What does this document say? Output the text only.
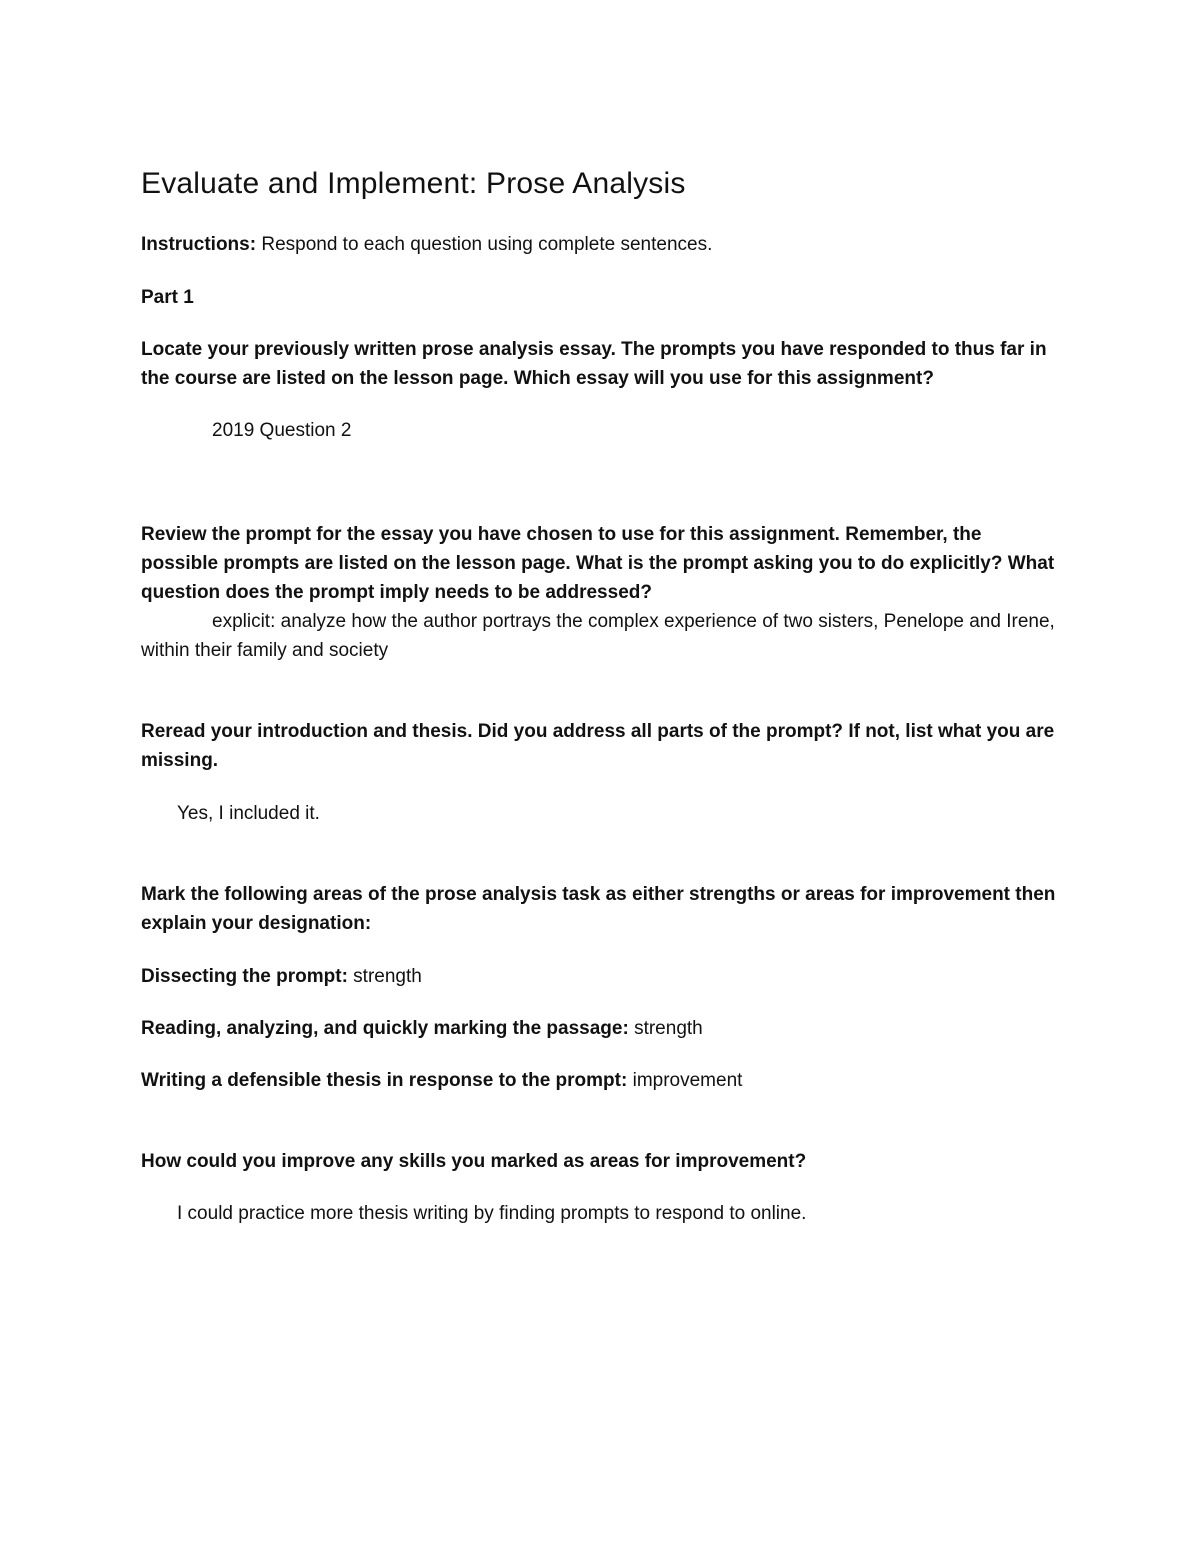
Evaluate and Implement: Prose Analysis

Instructions: Respond to each question using complete sentences.

Part 1

Locate your previously written prose analysis essay. The prompts you have responded to thus far in the course are listed on the lesson page. Which essay will you use for this assignment?

2019 Question 2

Review the prompt for the essay you have chosen to use for this assignment. Remember, the possible prompts are listed on the lesson page. What is the prompt asking you to do explicitly? What question does the prompt imply needs to be addressed?

explicit: analyze how the author portrays the complex experience of two sisters, Penelope and Irene, within their family and society

Reread your introduction and thesis. Did you address all parts of the prompt? If not, list what you are missing.

Yes, I included it.

Mark the following areas of the prose analysis task as either strengths or areas for improvement then explain your designation:

Dissecting the prompt: strength

Reading, analyzing, and quickly marking the passage: strength

Writing a defensible thesis in response to the prompt: improvement

How could you improve any skills you marked as areas for improvement?

I could practice more thesis writing by finding prompts to respond to online.
